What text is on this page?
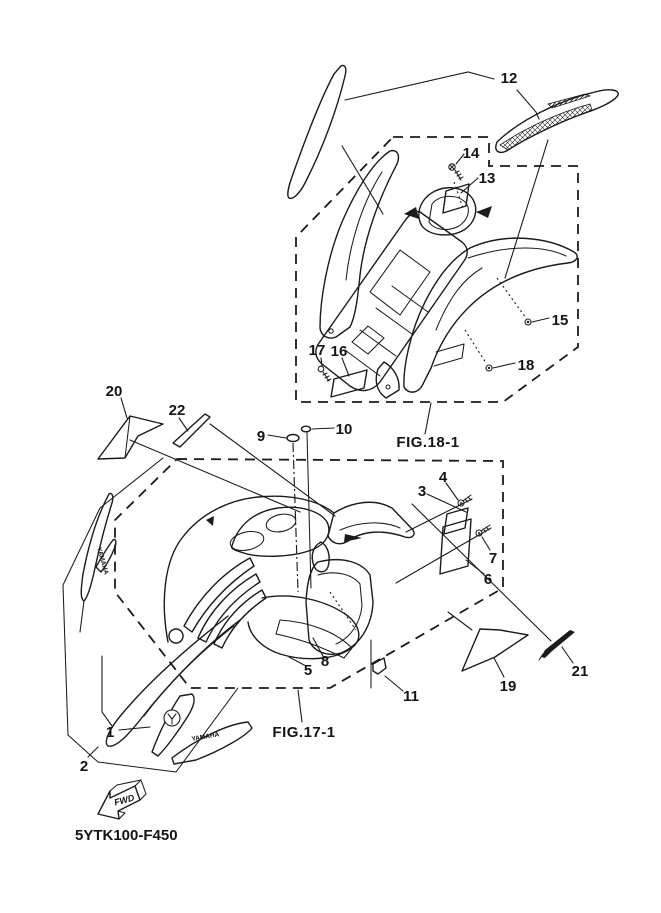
YAMAHA
YAMAHA
1
2
3
4
5
6
7
8
9	10
11
12
13
14
15
16
17
18
19
20
21
22
FIG.18-1
FIG.17-1
FWD
5YTK100-F450
